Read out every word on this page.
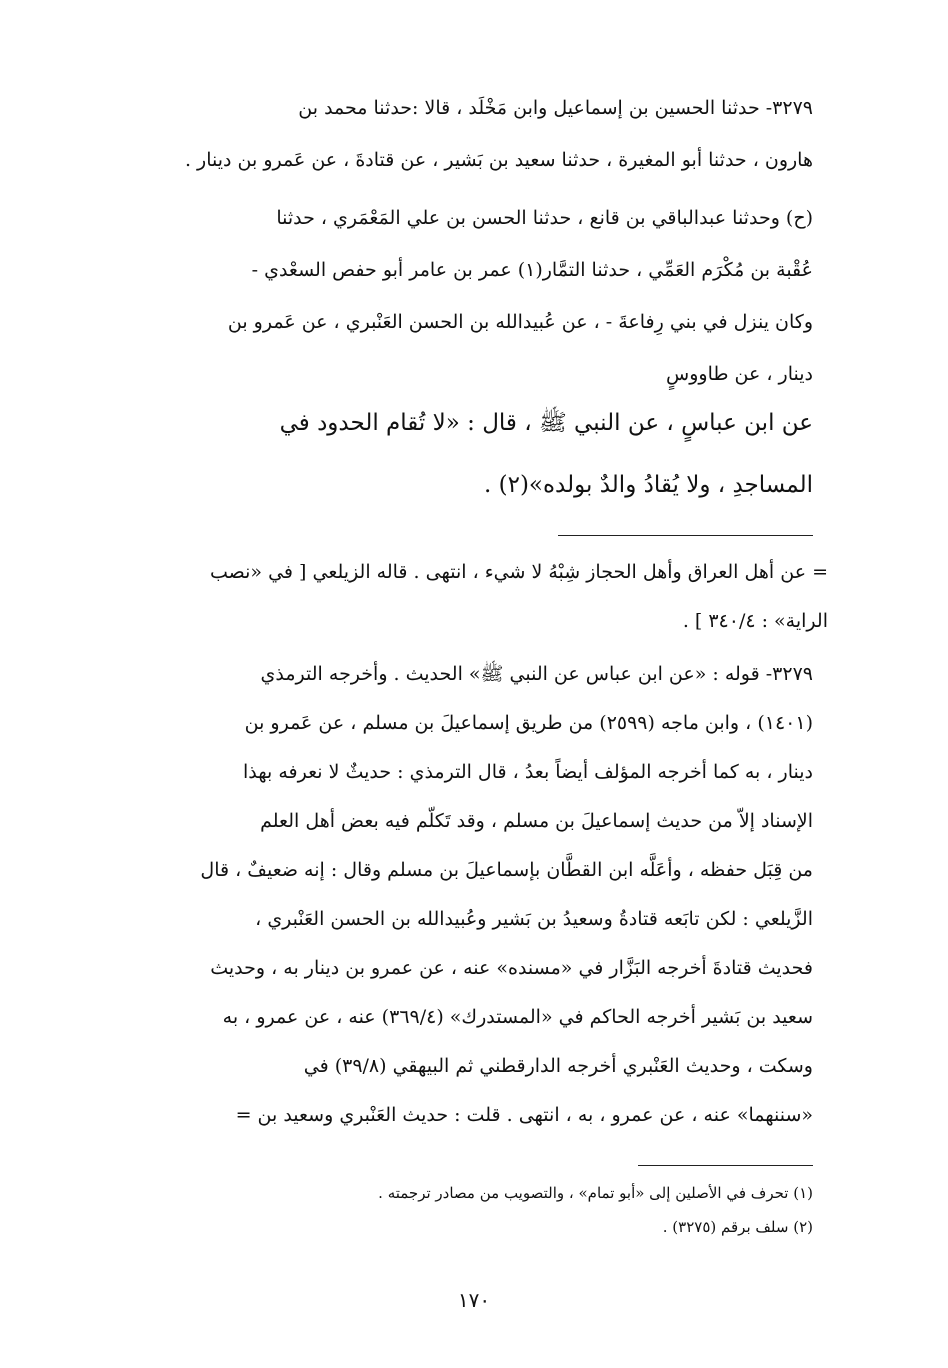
٣٢٧٩- حدثنا الحسين بن إسماعيل وابن مَخْلَد ، قالا :حدثنا محمد بن
هارون ، حدثنا أبو المغيرة ، حدثنا سعيد بن بَشير ، عن قتادةَ ، عن عَمرو بن دينار .
(ح) وحدثنا عبدالباقي بن قانع ، حدثنا الحسن بن علي المَعْمَري ، حدثنا
عُقْبة بن مُكْرَم العَمِّي ، حدثنا التمَّار(١) عمر بن عامر أبو حفص السعْدي -
وكان ينزل في بني رِفاعةَ - ، عن عُبيدالله بن الحسن العَنْبري ، عن عَمرو بن
دينار ، عن طاووسٍ
عن ابن عباسٍ ، عن النبي ﷺ ، قال : «لا تُقام الحدود في
المساجدِ ، ولا يُقادُ والدٌ بولده»(٢) .
= عن أهل العراق وأهل الحجاز شِبْهُ لا شيء ، انتهى . قاله الزيلعي [ في «نصب
الراية» : ٣٤٠/٤ ] .
٣٢٧٩- قوله : «عن ابن عباس عن النبي ﷺ» الحديث . وأخرجه الترمذي
(١٤٠١) ، وابن ماجه (٢٥٩٩) من طريق إسماعيلَ بن مسلم ، عن عَمرو بن
دينار ، به كما أخرجه المؤلف أيضاً بعدُ ، قال الترمذي : حديثٌ لا نعرفه بهذا
الإسناد إلاّ من حديث إسماعيلَ بن مسلم ، وقد تَكلّم فيه بعض أهل العلم
من قِبَل حفظه ، وأعَلَّه ابن القطَّان بإسماعيلَ بن مسلم وقال : إنه ضعيفٌ ، قال
الزَّيلعي : لكن تابَعه قتادةُ وسعيدُ بن بَشير وعُبيدالله بن الحسن العَنْبري ،
فحديث قتادةَ أخرجه البَزَّار في «مسنده» عنه ، عن عمرو بن دينار به ، وحديث
سعيد بن بَشير أخرجه الحاكم في «المستدرك» (٣٦٩/٤) عنه ، عن عمرو ، به
وسكت ، وحديث العَنْبري أخرجه الدارقطني ثم البيهقي (٣٩/٨) في
«سننهما» عنه ، عن عمرو ، به ، انتهى . قلت : حديث العَنْبري وسعيد بن =
(١) تحرف في الأصلين إلى «أبو تمام» ، والتصويب من مصادر ترجمته .
(٢) سلف برقم (٣٢٧٥) .
١٧٠
